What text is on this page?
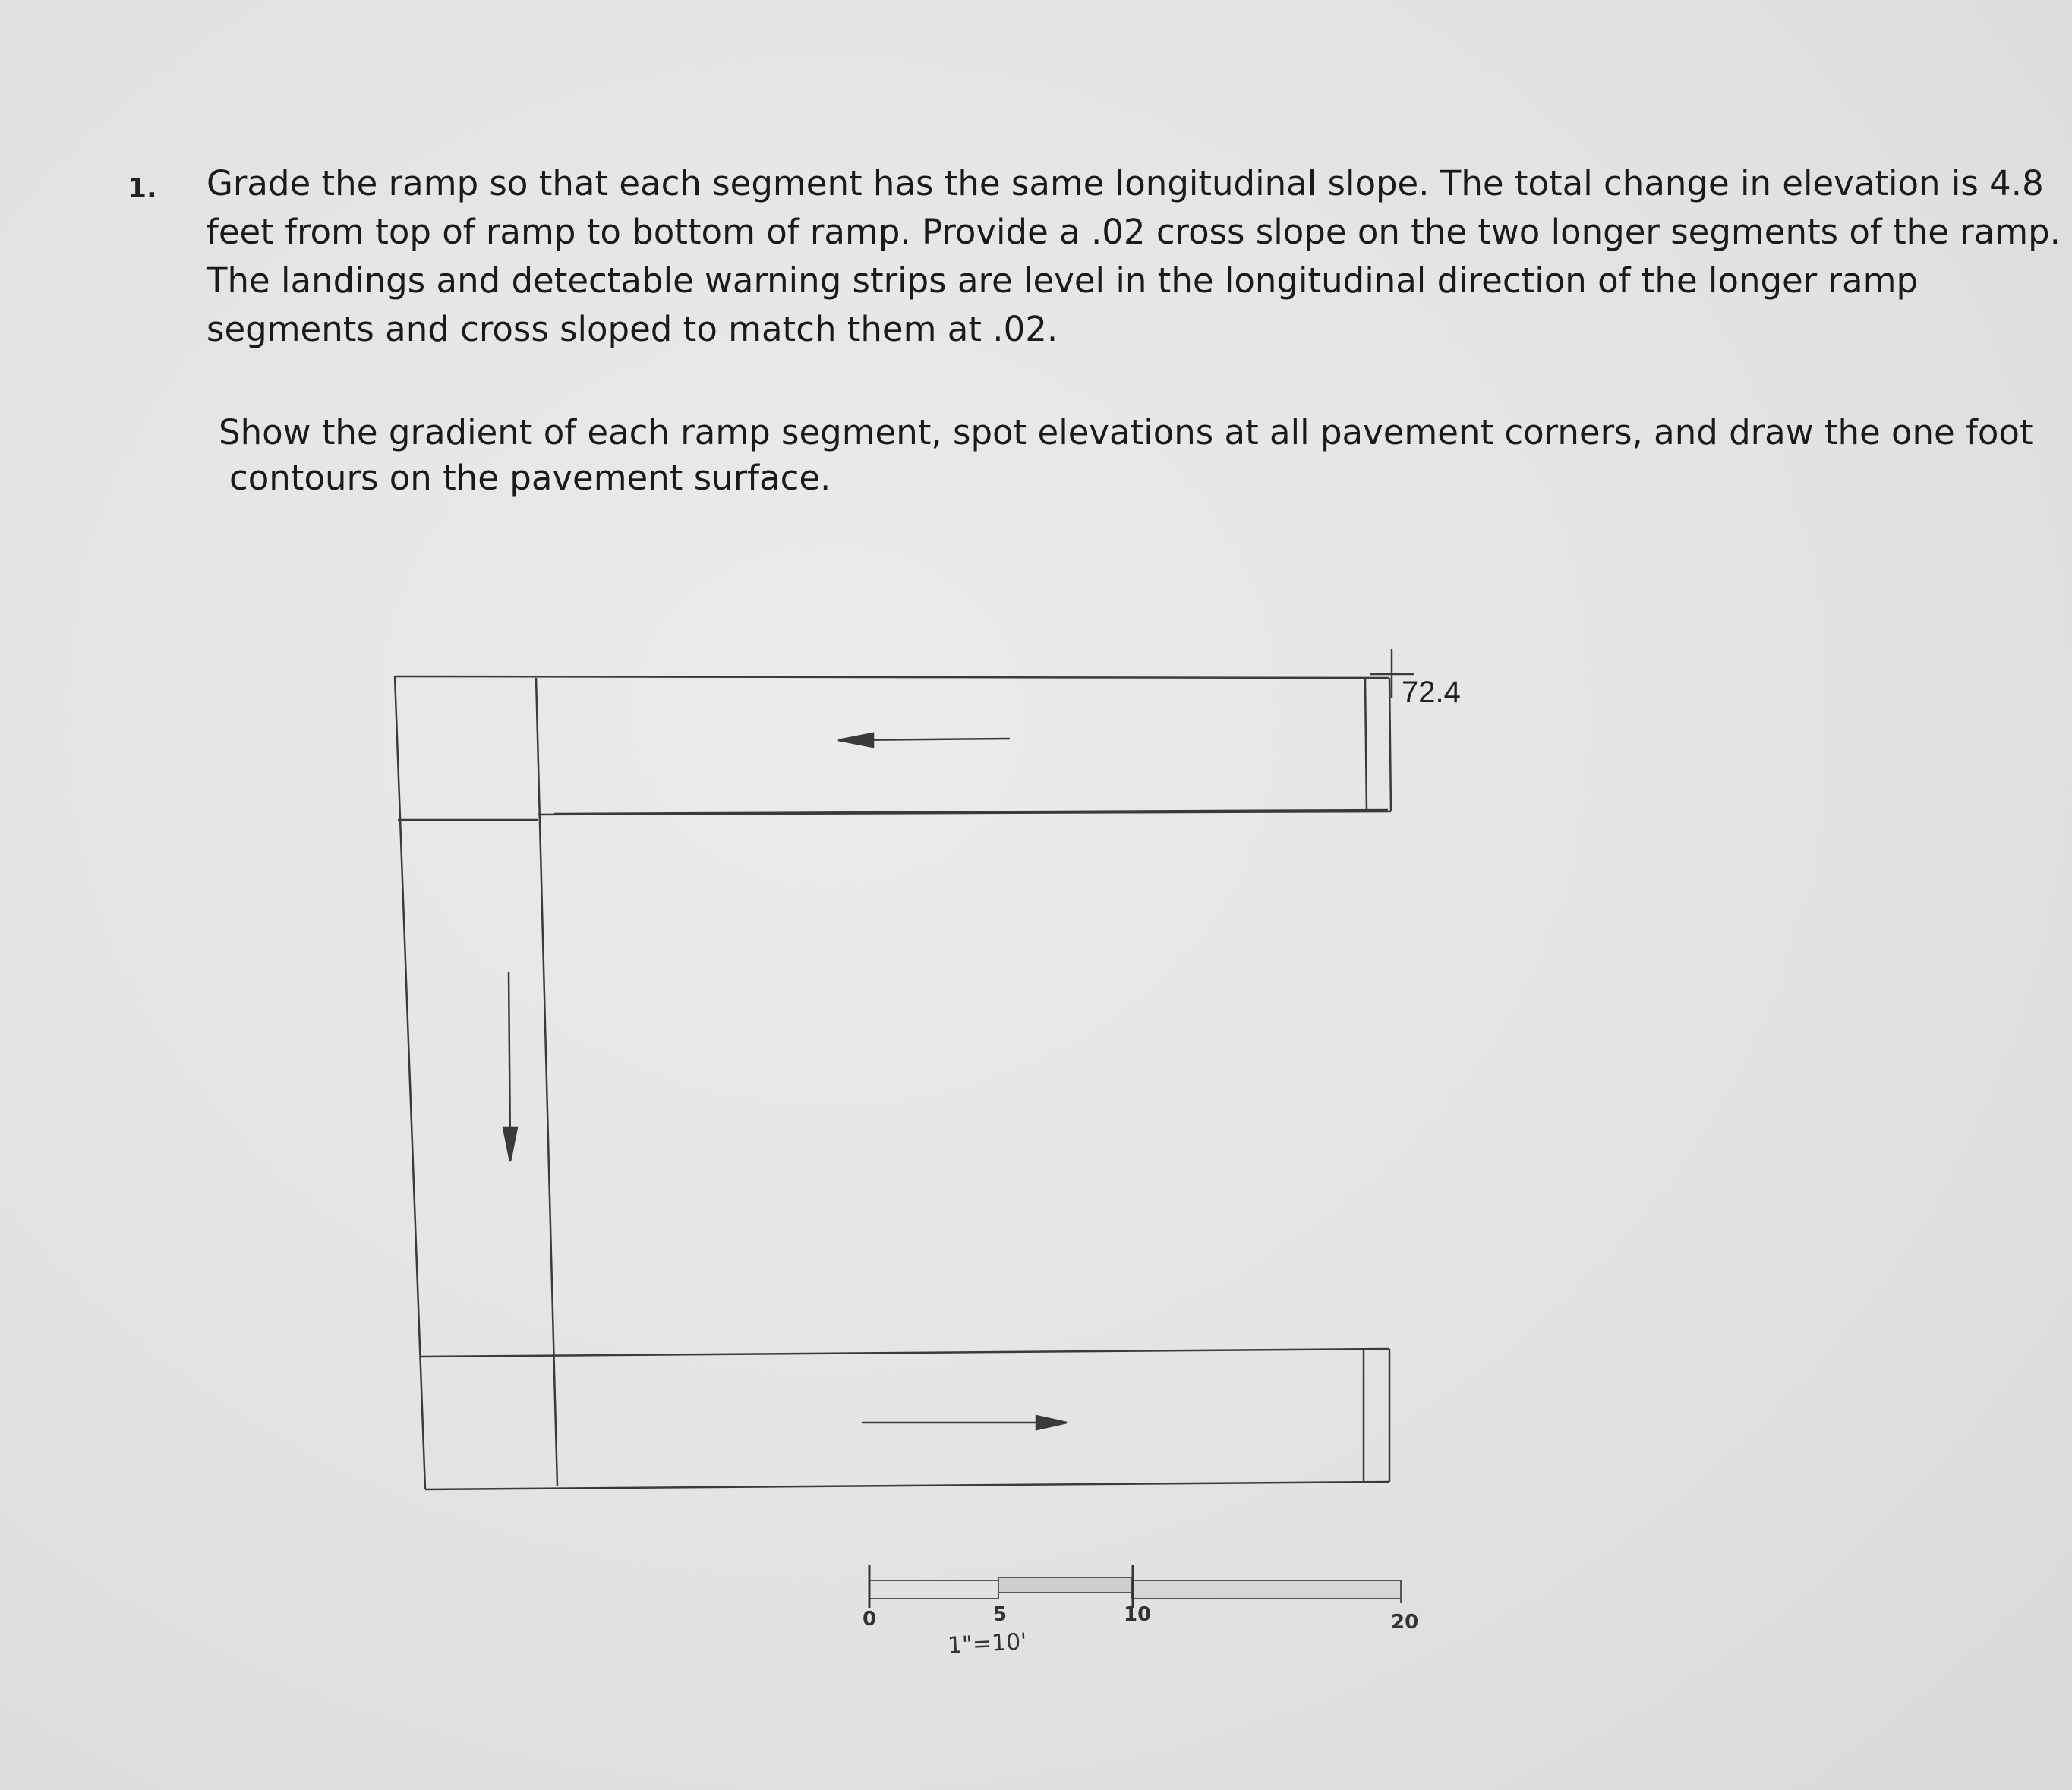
1. Grade the ramp so that each segment has the same longitudinal slope. The total change in elevation is 4.8
feet from top of ramp to bottom of ramp. Provide a .02 cross slope on the two longer segments of the ramp.
The landings and detectable warning strips are level in the longitudinal direction of the longer ramp
segments and cross sloped to match them at .02.
Show the gradient of each ramp segment, spot elevations at all pavement corners, and draw the one foot
contours on the pavement surface.
72.4
0	5	10	20
1"=10'
